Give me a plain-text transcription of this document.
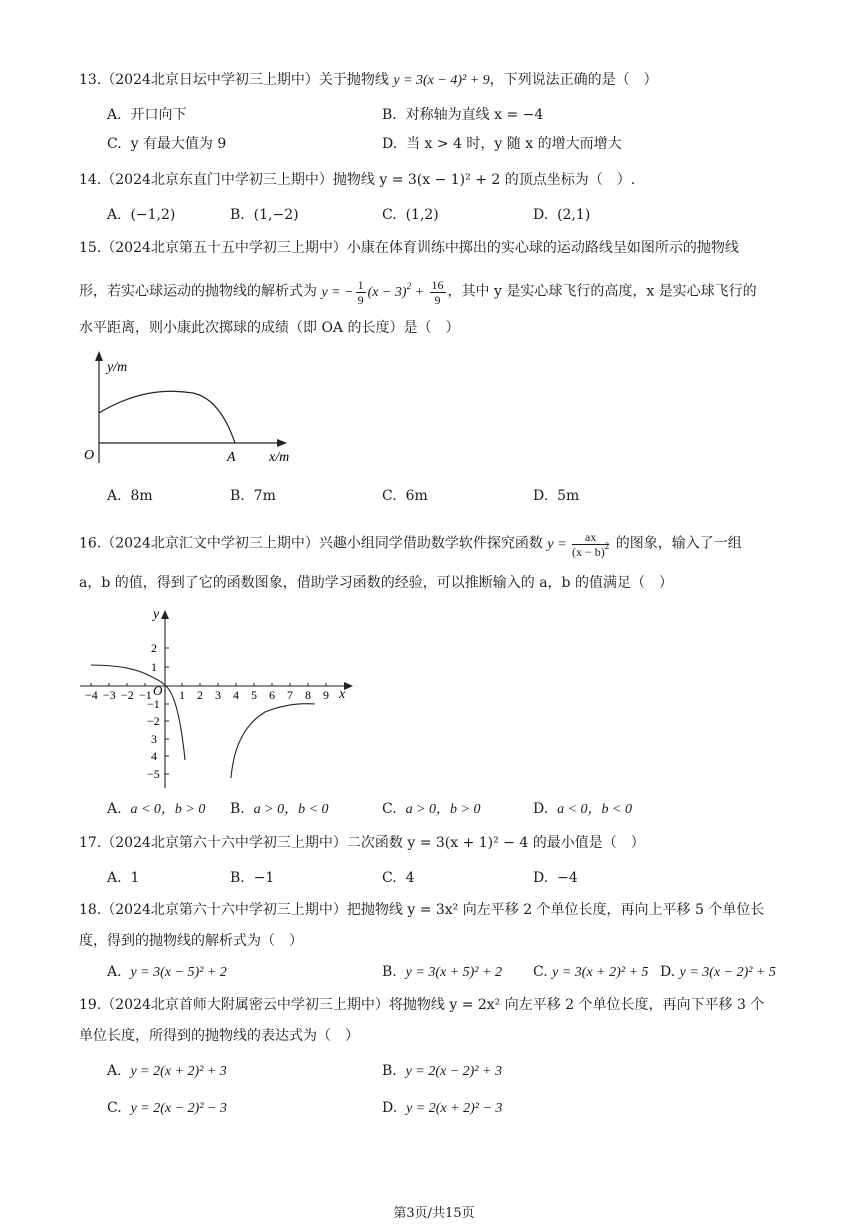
13.（2024北京日坛中学初三上期中）关于抛物线 y = 3(x − 4)² + 9，下列说法正确的是（　）
A. 开口向下	B. 对称轴为直线 x = −4
C. y 有最大值为 9	D. 当 x > 4 时，y 随 x 的增大而增大
14.（2024北京东直门中学初三上期中）抛物线 y = 3(x − 1)² + 2 的顶点坐标为（　）.
A. (−1,2)	B. (1,−2)	C. (1,2)	D. (2,1)
15.（2024北京第五十五中学初三上期中）小康在体育训练中掷出的实心球的运动路线呈如图所示的抛物线
形，若实心球运动的抛物线的解析式为 y = − $\frac{1}{9} (x - 3)^2 + \frac{16}{9}$ ，其中 y 是实心球飞行的高度，x 是实心球飞行的
水平距离，则小康此次掷球的成绩（即 OA 的长度）是（　）
y/m
x/m
O	A
A. 8m	B. 7m	C. 6m	D. 5m
16.（2024北京汇文中学初三上期中）兴趣小组同学借助数学软件探究函数 $y = \frac{ax}{(x - b)^2}$ 的图象，输入了一组
a，b 的值，得到了它的函数图象，借助学习函数的经验，可以推断输入的 a，b 的值满足（　）
−4 −3 −2 −1 1 2 3 4 5 6 7 8 9
2
1
−1
−2
3
4
−5
x
y
O
A. a < 0，b > 0 B. a > 0，b < 0	C. a > 0，b > 0	D. a < 0，b < 0
17.（2024北京第六十六中学初三上期中）二次函数 y = 3(x + 1)² − 4 的最小值是（　）
A. 1	B. −1	C. 4	D. −4
18.（2024北京第六十六中学初三上期中）把抛物线 y = 3x² 向左平移 2 个单位长度，再向上平移 5 个单位长
度，得到的抛物线的解析式为（　）
A. y = 3(x − 5)² + 2	B. y = 3(x + 5)² + 2 C. y = 3(x + 2)² + 5 D. y = 3(x − 2)² + 5
19.（2024北京首师大附属密云中学初三上期中）将抛物线 y = 2x² 向左平移 2 个单位长度，再向下平移 3 个
单位长度，所得到的抛物线的表达式为（　）
A. y = 2(x + 2)² + 3	B. y = 2(x − 2)² + 3
C. y = 2(x − 2)² − 3	D. y = 2(x + 2)² − 3
第3页/共15页
